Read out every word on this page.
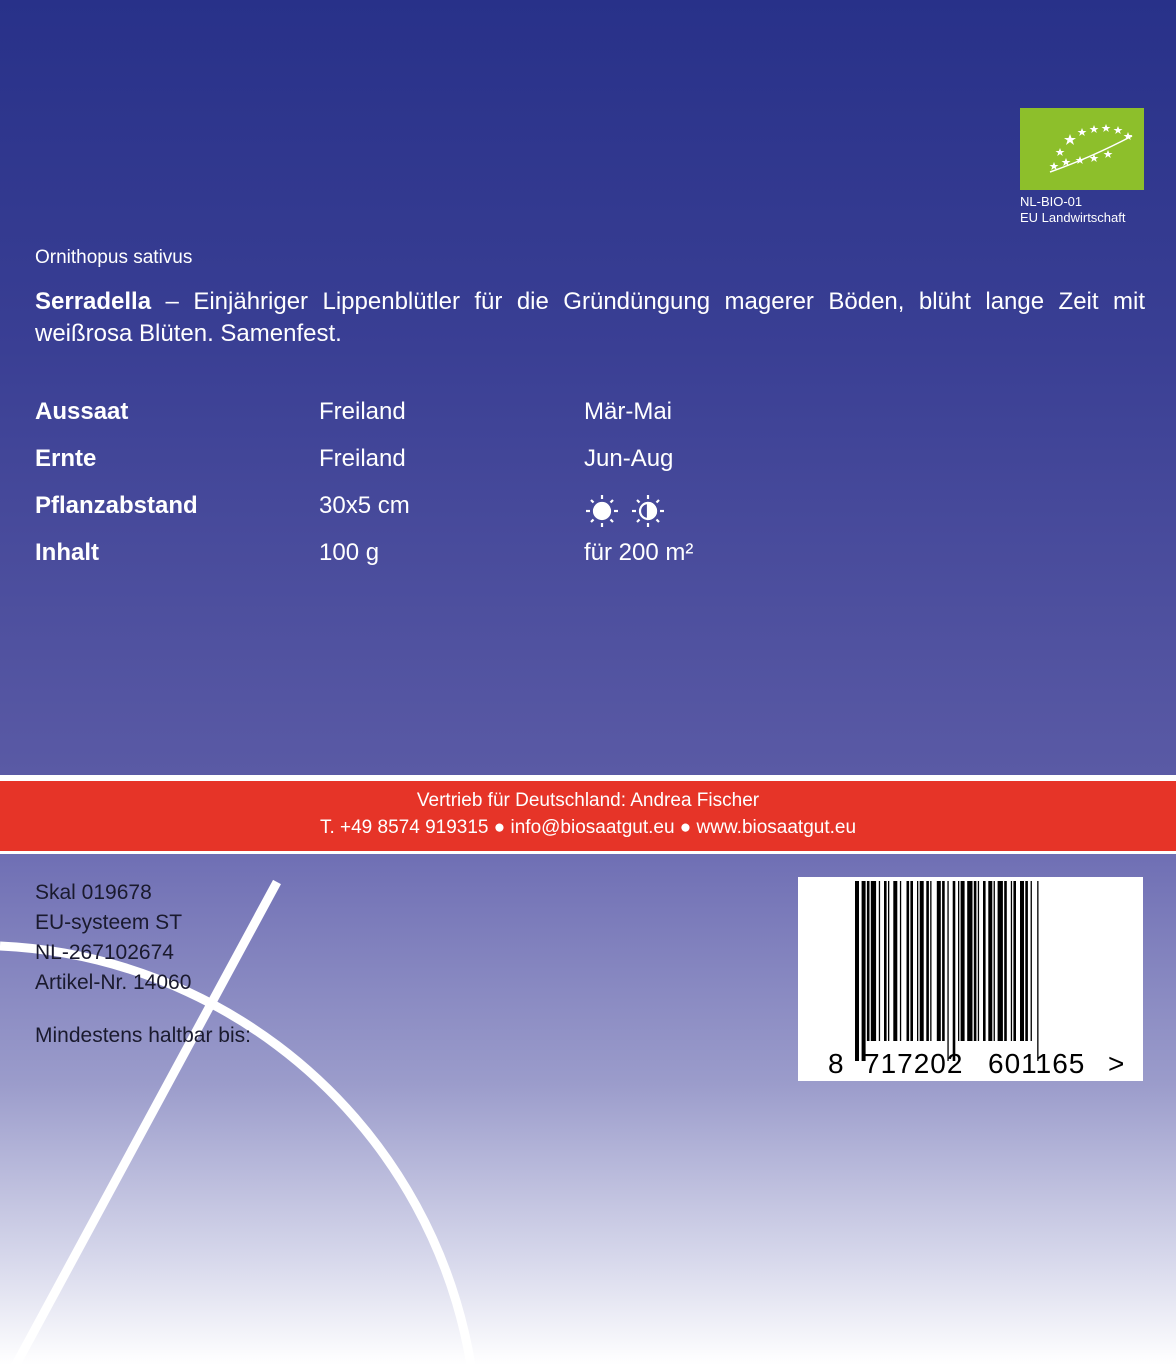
Vertrieb für Deutschland: Andrea Fischer
T. +49 8574 919315 ● info@biosaatgut.eu ● www.biosaatgut.eu
NL-BIO-01
EU Landwirtschaft
Ornithopus sativus
Serradella – Einjähriger Lippenblütler für die Gründüngung magerer Böden, blüht lange Zeit mit weißrosa Blüten. Samenfest.
Aussaat	Freiland	Mär-Mai
Ernte	Freiland	Jun-Aug
Pflanzabstand	30x5 cm
Inhalt	100 g	für 200 m²
Skal 019678
EU-systeem ST
NL-267102674
Artikel-Nr. 14060
Mindestens haltbar bis:
8 717202 601165 >
